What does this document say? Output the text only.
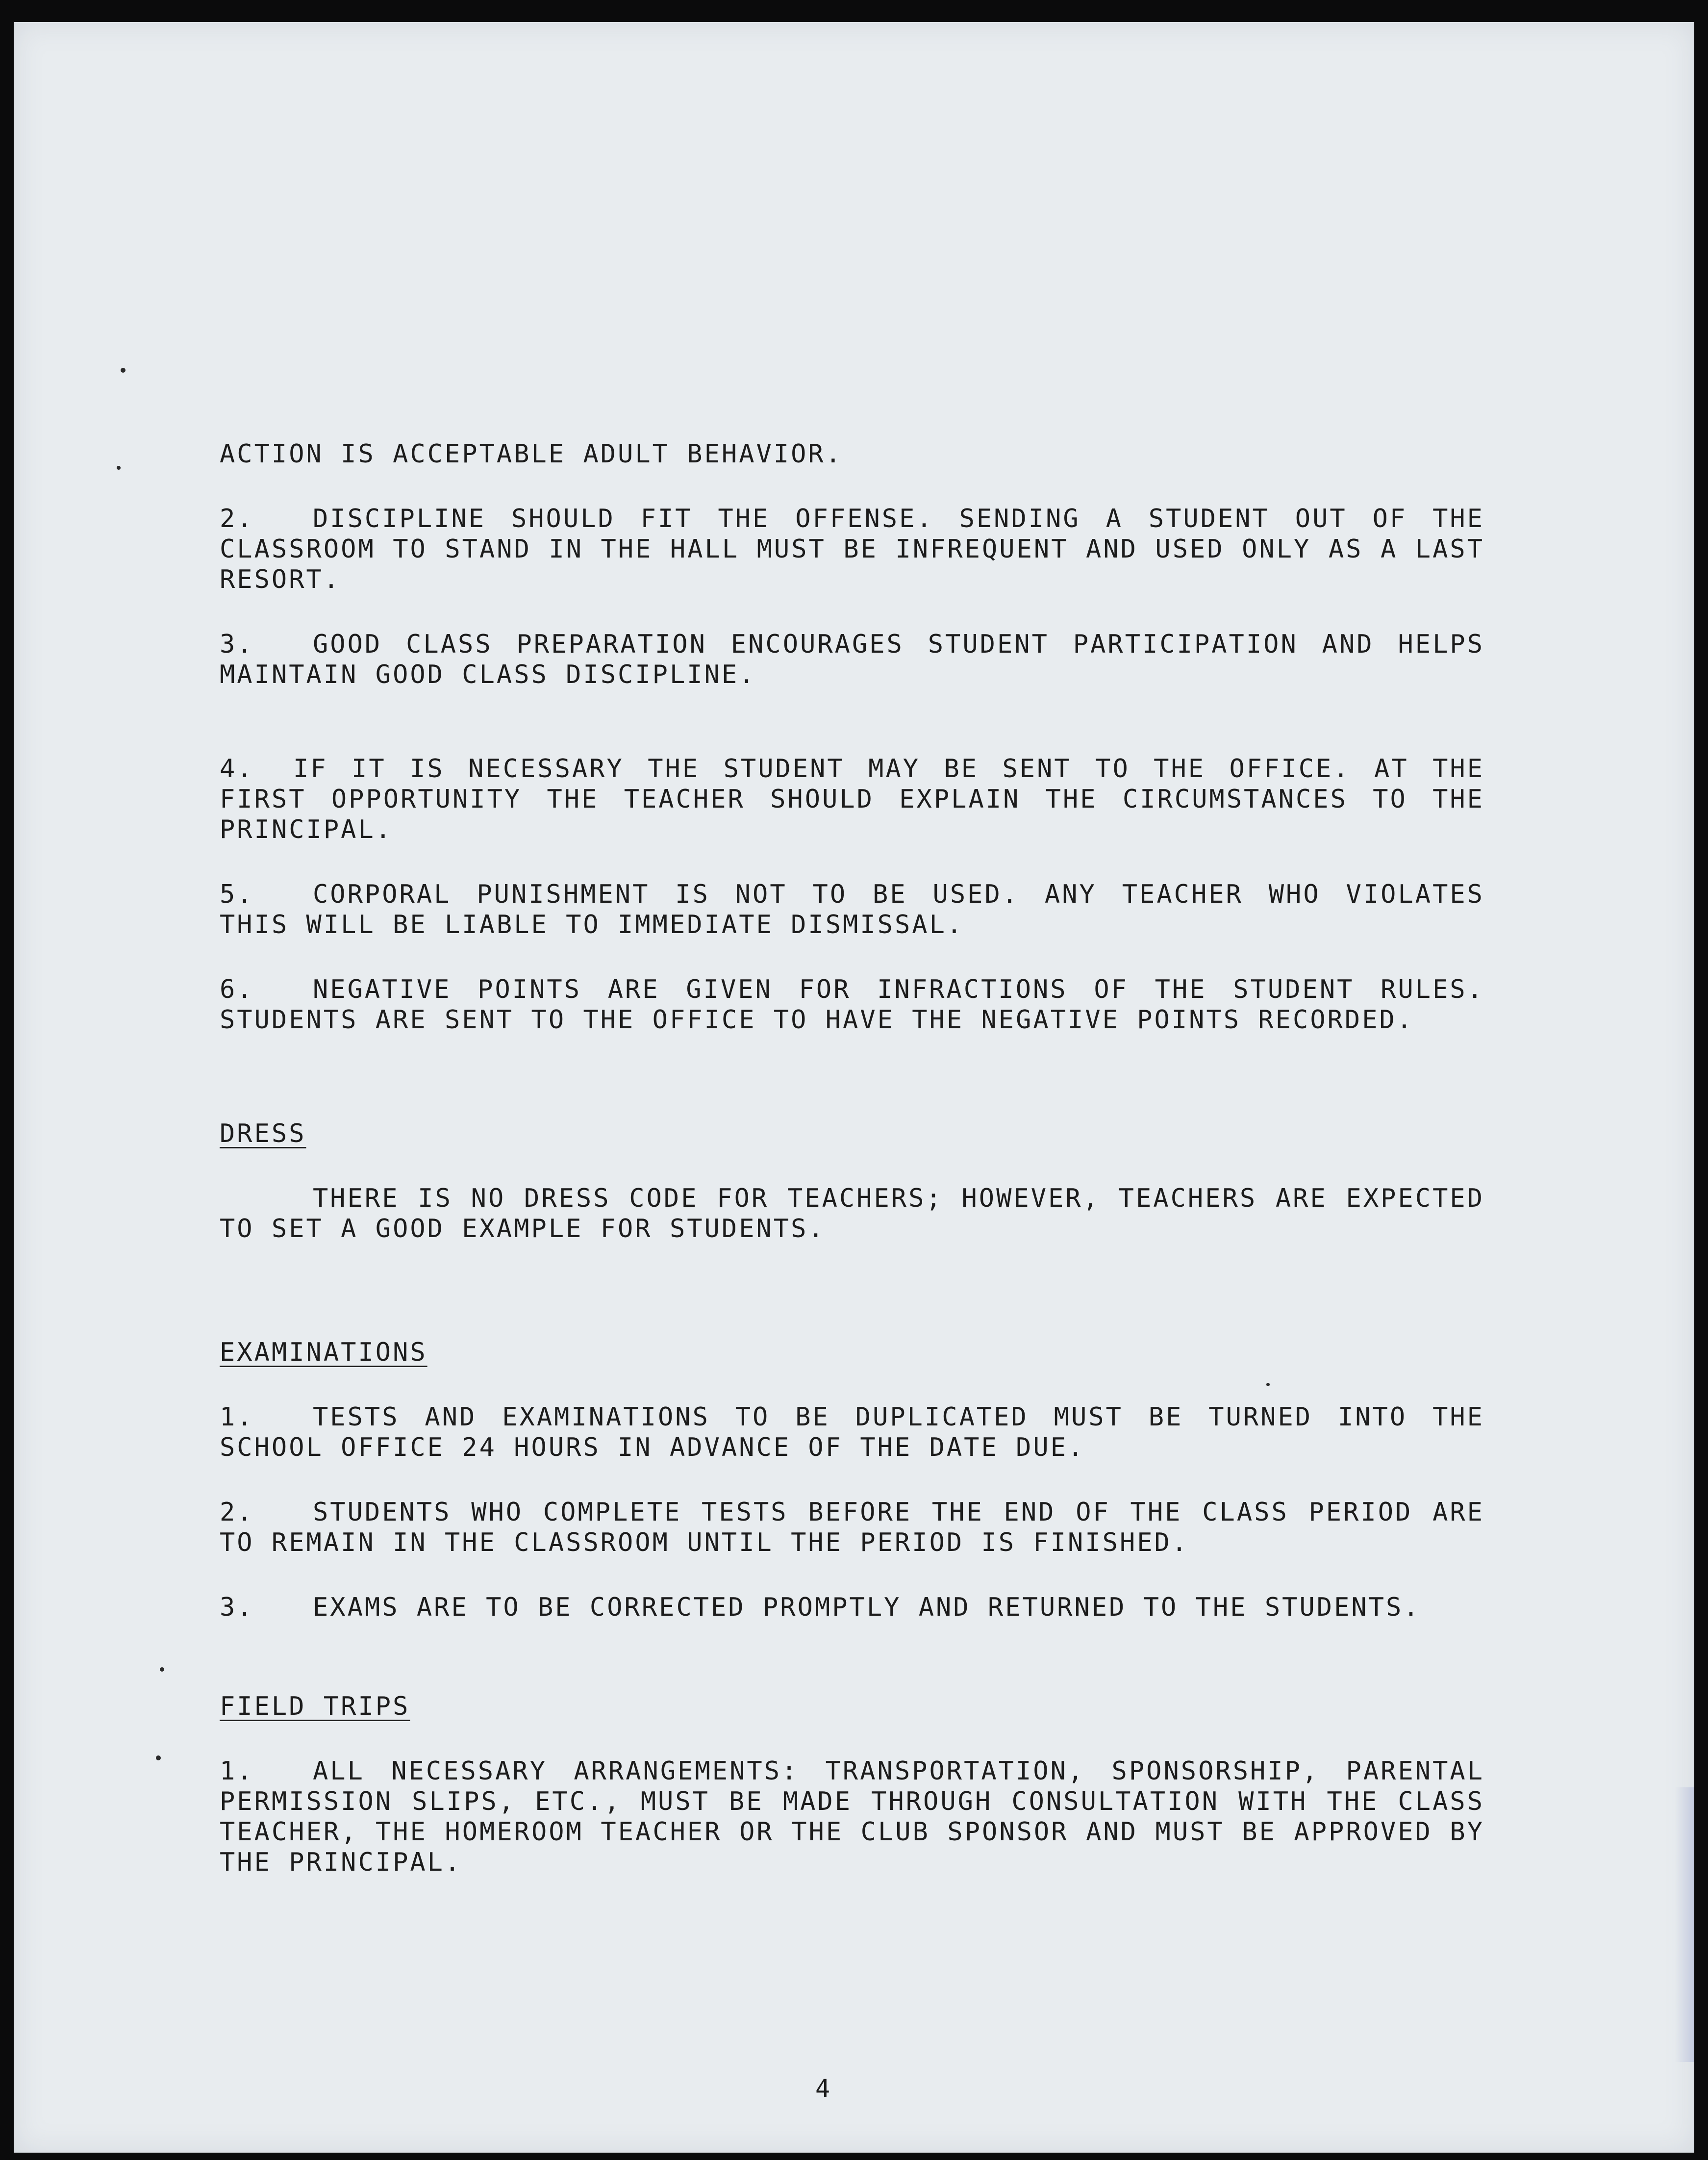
ACTION IS ACCEPTABLE ADULT BEHAVIOR.

2. DISCIPLINE SHOULD FIT THE OFFENSE. SENDING A STUDENT OUT OF THE CLASSROOM TO STAND IN THE HALL MUST BE INFREQUENT AND USED ONLY AS A LAST RESORT.

3. GOOD CLASS PREPARATION ENCOURAGES STUDENT PARTICIPATION AND HELPS MAINTAIN GOOD CLASS DISCIPLINE.

4. IF IT IS NECESSARY THE STUDENT MAY BE SENT TO THE OFFICE. AT THE FIRST OPPORTUNITY THE TEACHER SHOULD EXPLAIN THE CIRCUMSTANCES TO THE PRINCIPAL.

5. CORPORAL PUNISHMENT IS NOT TO BE USED. ANY TEACHER WHO VIOLATES THIS WILL BE LIABLE TO IMMEDIATE DISMISSAL.

6. NEGATIVE POINTS ARE GIVEN FOR INFRACTIONS OF THE STUDENT RULES. STUDENTS ARE SENT TO THE OFFICE TO HAVE THE NEGATIVE POINTS RECORDED.

DRESS

THERE IS NO DRESS CODE FOR TEACHERS; HOWEVER, TEACHERS ARE EXPECTED TO SET A GOOD EXAMPLE FOR STUDENTS.

EXAMINATIONS

1. TESTS AND EXAMINATIONS TO BE DUPLICATED MUST BE TURNED INTO THE SCHOOL OFFICE 24 HOURS IN ADVANCE OF THE DATE DUE.

2. STUDENTS WHO COMPLETE TESTS BEFORE THE END OF THE CLASS PERIOD ARE TO REMAIN IN THE CLASSROOM UNTIL THE PERIOD IS FINISHED.

3. EXAMS ARE TO BE CORRECTED PROMPTLY AND RETURNED TO THE STUDENTS.

FIELD TRIPS

1. ALL NECESSARY ARRANGEMENTS: TRANSPORTATION, SPONSORSHIP, PARENTAL PERMISSION SLIPS, ETC., MUST BE MADE THROUGH CONSULTATION WITH THE CLASS TEACHER, THE HOMEROOM TEACHER OR THE CLUB SPONSOR AND MUST BE APPROVED BY THE PRINCIPAL.

4
